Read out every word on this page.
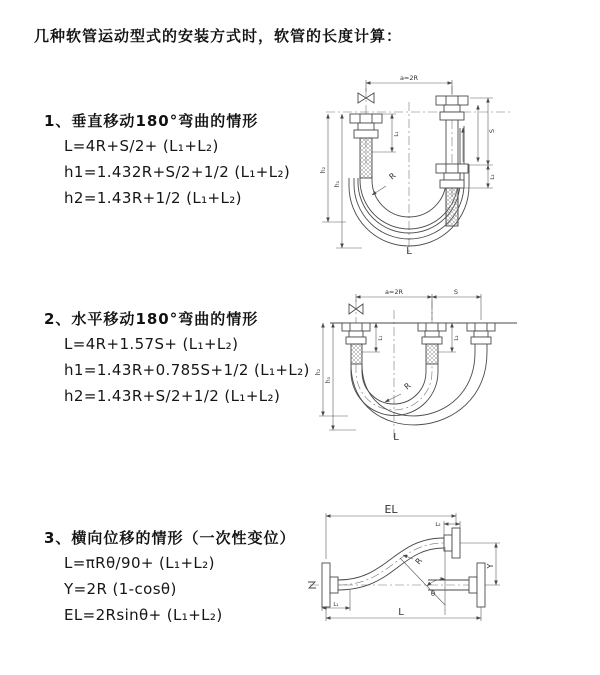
几种软管运动型式的安装方式时，软管的长度计算：
1、垂直移动180°弯曲的情形
L=4R+S/2+ (L₁+L₂)
h1=1.432R+S/2+1/2 (L₁+L₂)
h2=1.43R+1/2 (L₁+L₂)
2、水平移动180°弯曲的情形
L=4R+1.57S+ (L₁+L₂)
h1=1.43R+0.785S+1/2 (L₁+L₂)
h2=1.43R+S/2+1/2 (L₁+L₂)
3、横向位移的情形（一次性变位）
L=πRθ/90+ (L₁+L₂)
Y=2R (1-cosθ)
EL=2Rsinθ+ (L₁+L₂)
a=2R
S
L₂
L₁
h₂
h₁
R
L
a=2R	S
L₁	L₂
h₂
h₁
R
L
EL
L₂
Y
θ
R
L₁
L
